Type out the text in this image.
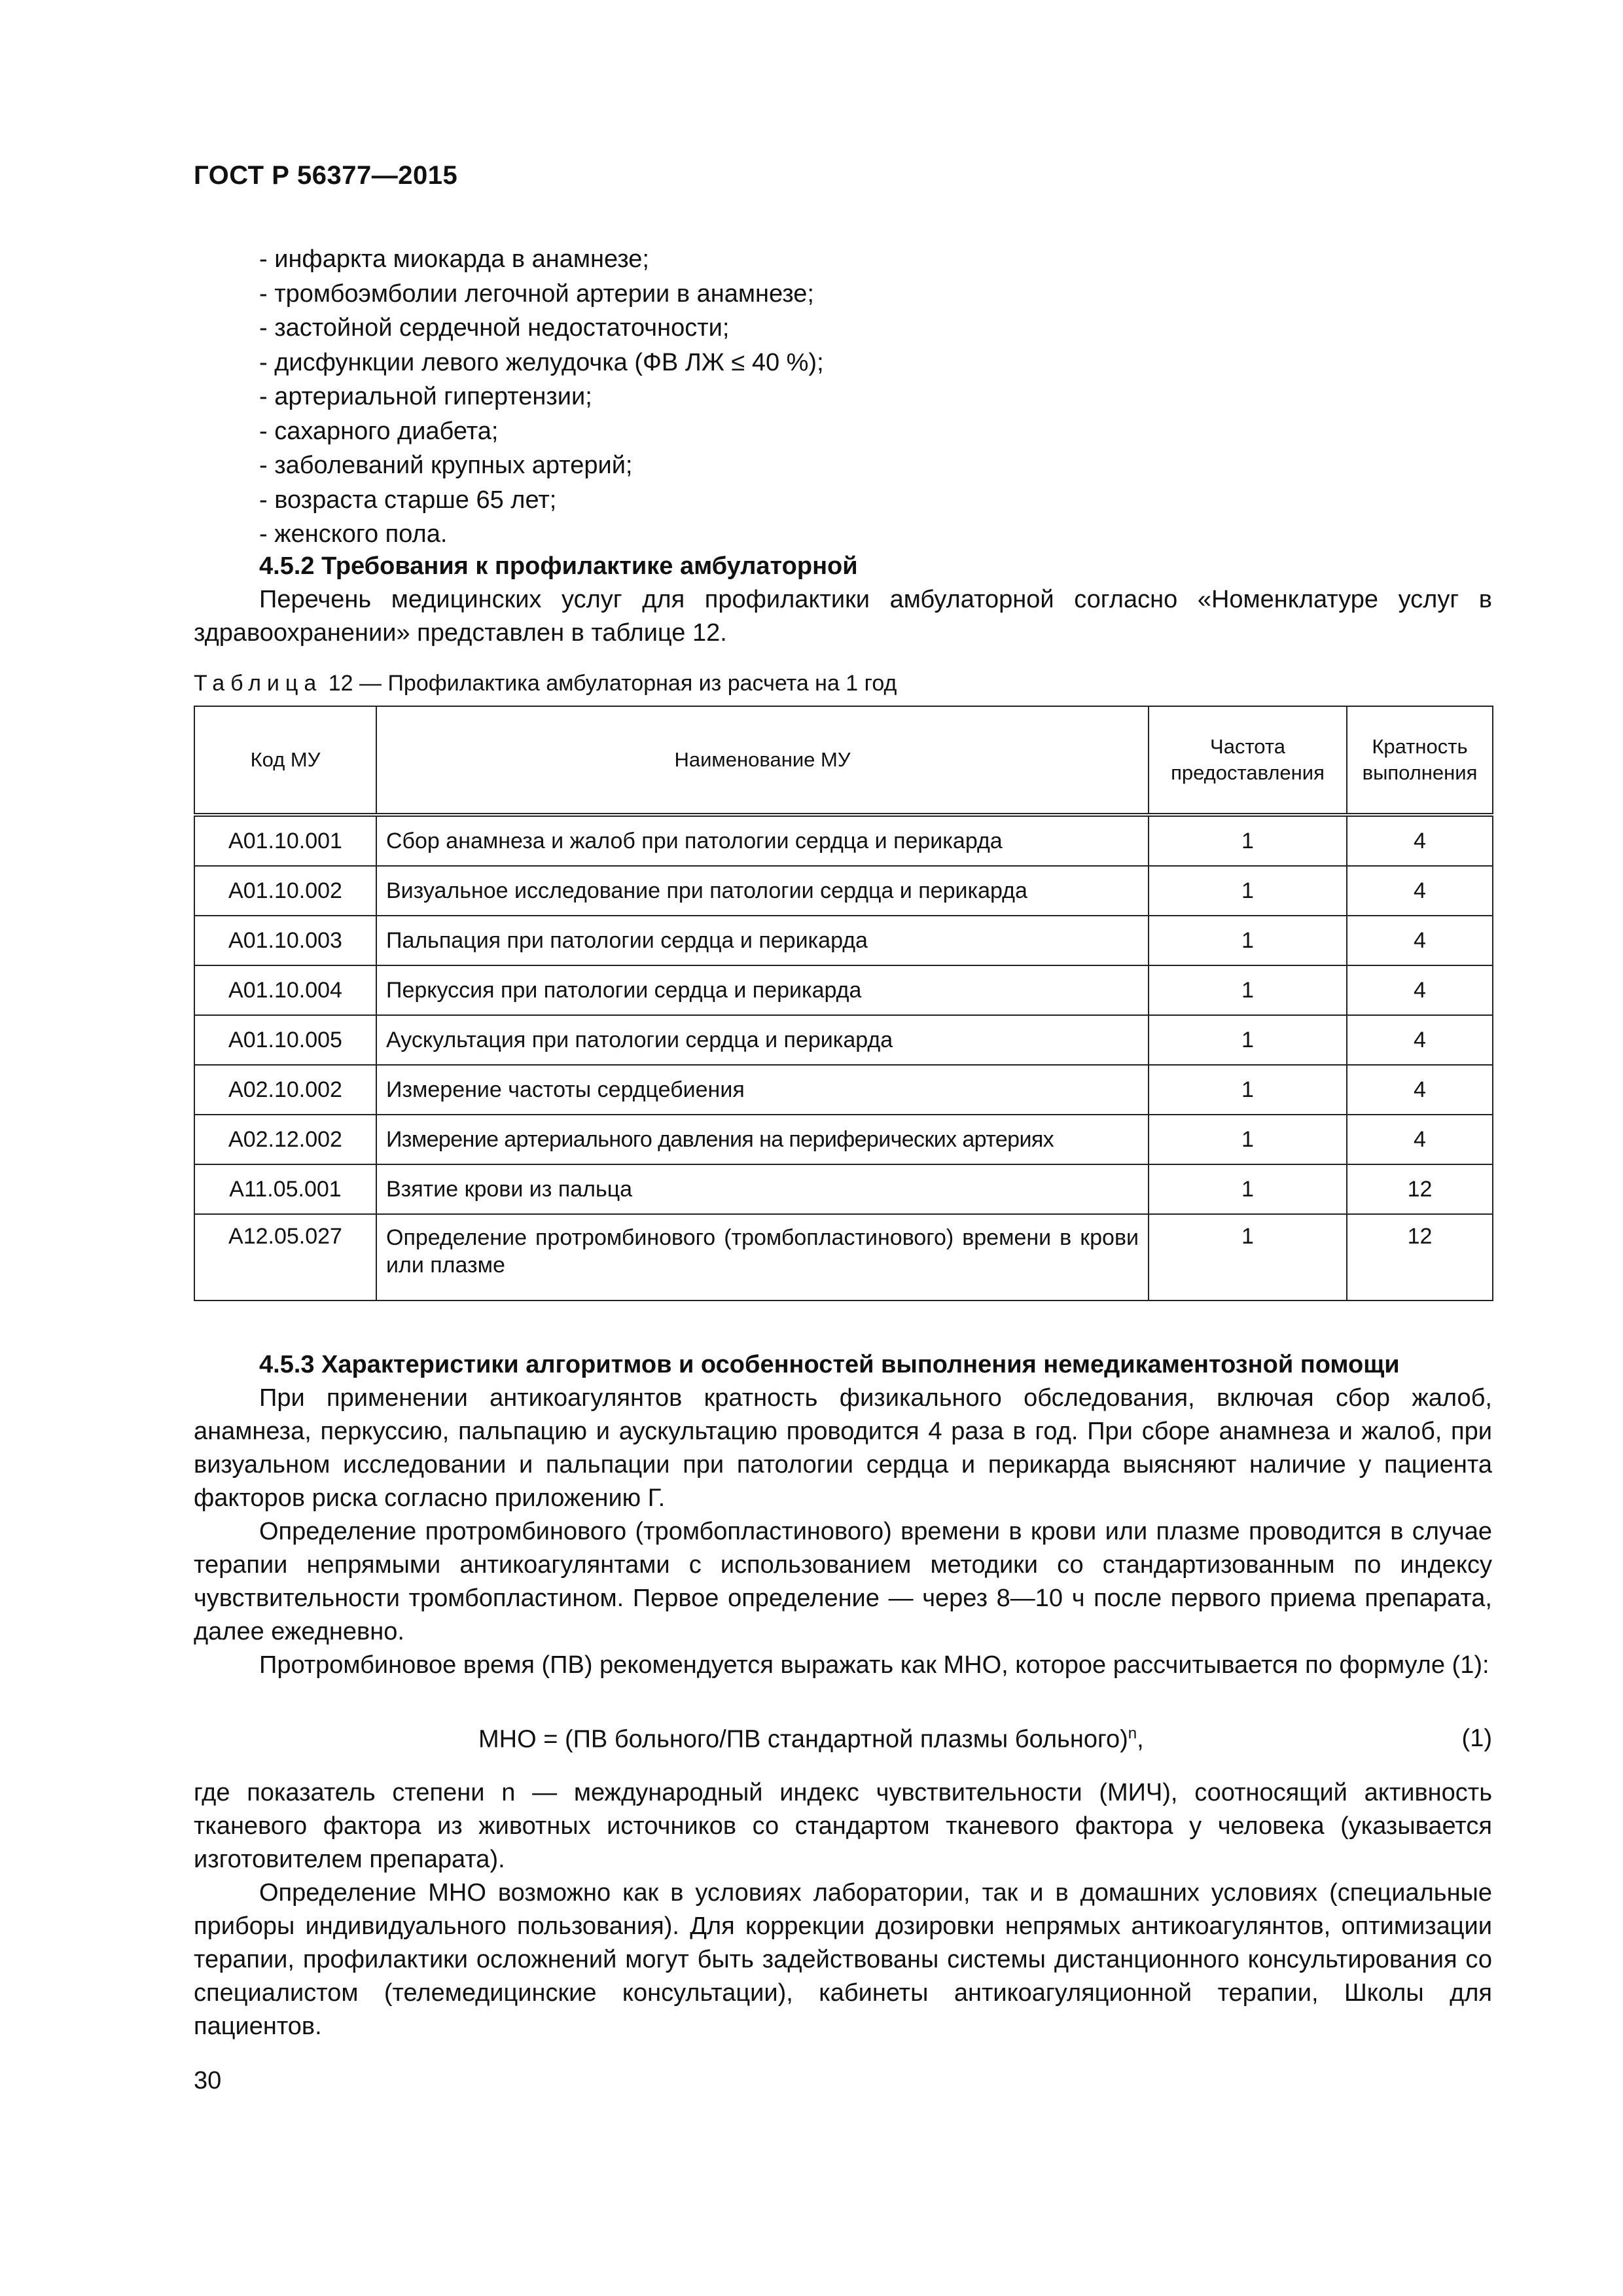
ГОСТ Р 56377—2015
- инфаркта миокарда в анамнезе;
- тромбоэмболии легочной артерии в анамнезе;
- застойной сердечной недостаточности;
- дисфункции левого желудочка (ФВ ЛЖ ≤ 40 %);
- артериальной гипертензии;
- сахарного диабета;
- заболеваний крупных артерий;
- возраста старше 65 лет;
- женского пола.
4.5.2 Требования к профилактике амбулаторной

Перечень медицинских услуг для профилактики амбулаторной согласно «Номенклатуре услуг в здравоохранении» представлен в таблице 12.

Таблица 12 — Профилактика амбулаторная из расчета на 1 год
Код МУ	Наименование МУ	Частота предоставления	Кратность выполнения
A01.10.001	Сбор анамнеза и жалоб при патологии сердца и перикарда	1	4
A01.10.002	Визуальное исследование при патологии сердца и перикарда	1	4
A01.10.003	Пальпация при патологии сердца и перикарда	1	4
A01.10.004	Перкуссия при патологии сердца и перикарда	1	4
A01.10.005	Аускультация при патологии сердца и перикарда	1	4
A02.10.002	Измерение частоты сердцебиения	1	4
A02.12.002	Измерение артериального давления на периферических артериях	1	4
A11.05.001	Взятие крови из пальца	1	12
A12.05.027	Определение протромбинового (тромбопластинового) времени в крови или плазме	1	12
4.5.3 Характеристики алгоритмов и особенностей выполнения немедикаментозной помощи

При применении антикоагулянтов кратность физикального обследования, включая сбор жалоб, анамнеза, перкуссию, пальпацию и аускультацию проводится 4 раза в год. При сборе анамнеза и жалоб, при визуальном исследовании и пальпации при патологии сердца и перикарда выясняют наличие у пациента факторов риска согласно приложению Г.

Определение протромбинового (тромбопластинового) времени в крови или плазме проводится в случае терапии непрямыми антикоагулянтами с использованием методики со стандартизованным по индексу чувствительности тромбопластином. Первое определение — через 8—10 ч после первого приема препарата, далее ежедневно.

Протромбиновое время (ПВ) рекомендуется выражать как МНО, которое рассчитывается по формуле (1):

МНО = (ПВ больного/ПВ стандартной плазмы больного)$^n$,	(1)

где показатель степени n — международный индекс чувствительности (МИЧ), соотносящий активность тканевого фактора из животных источников со стандартом тканевого фактора у человека (указывается изготовителем препарата).

Определение МНО возможно как в условиях лаборатории, так и в домашних условиях (специальные приборы индивидуального пользования). Для коррекции дозировки непрямых антикоагулянтов, оптимизации терапии, профилактики осложнений могут быть задействованы системы дистанционного консультирования со специалистом (телемедицинские консультации), кабинеты антикоагуляционной терапии, Школы для пациентов.

30
